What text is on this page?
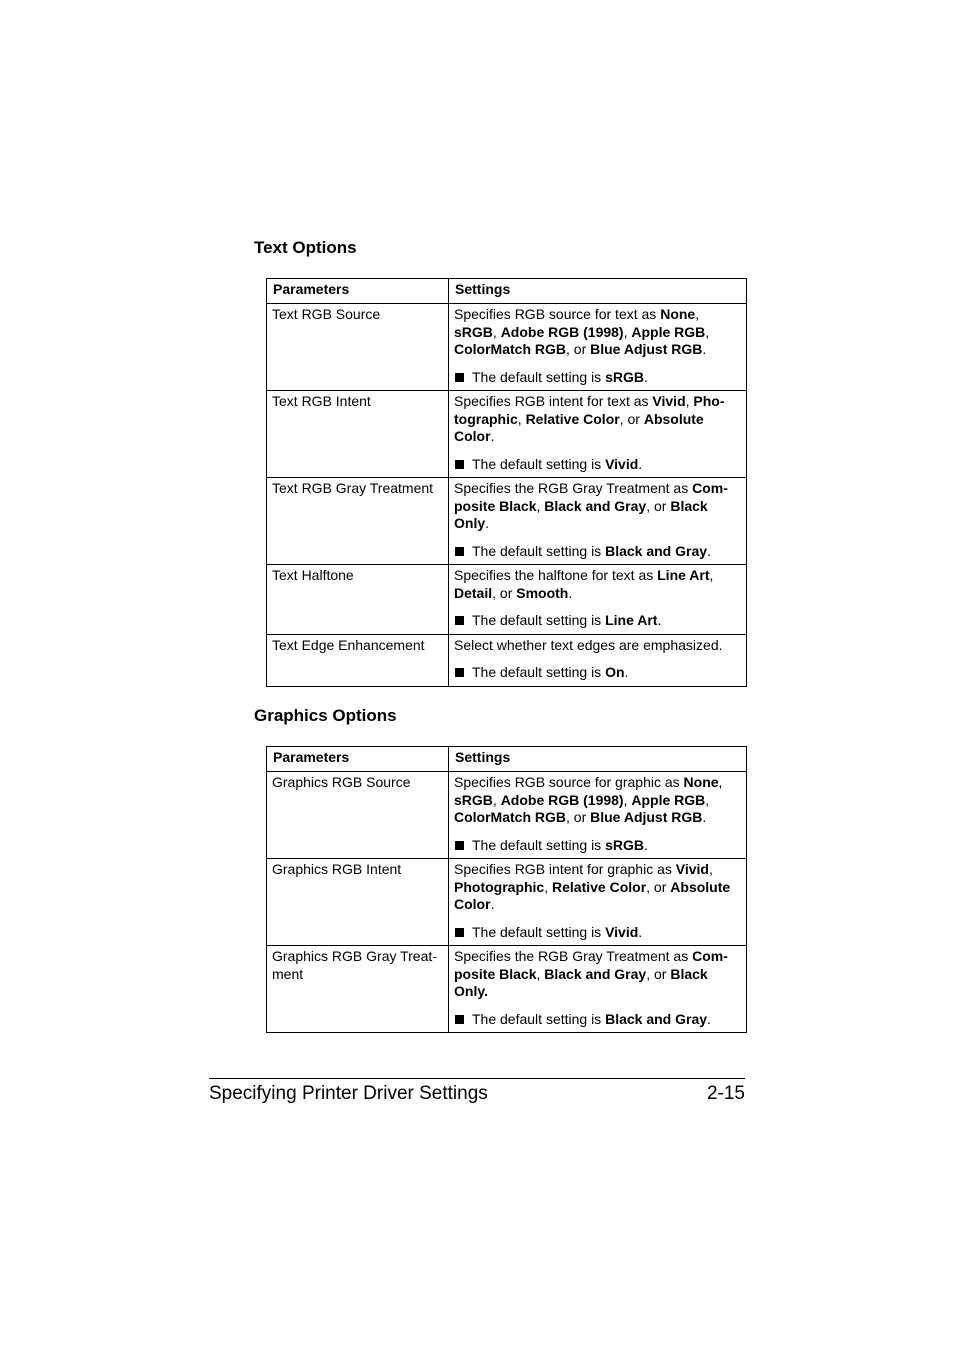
Text Options
Parameters	Settings
Text RGB Source	Specifies RGB source for text as None, sRGB, Adobe RGB (1998), Apple RGB, ColorMatch RGB, or Blue Adjust RGB.

The default setting is sRGB.

Text RGB Intent	Specifies RGB intent for text as Vivid, Pho-tographic, Relative Color, or Absolute Color.

The default setting is Vivid.

Text RGB Gray Treatment	Specifies the RGB Gray Treatment as Com-posite Black, Black and Gray, or Black Only.

The default setting is Black and Gray.

Text Halftone	Specifies the halftone for text as Line Art, Detail, or Smooth.

The default setting is Line Art.

Text Edge Enhancement	Select whether text edges are emphasized.

The default setting is On.

Graphics Options
Parameters	Settings
Graphics RGB Source	Specifies RGB source for graphic as None, sRGB, Adobe RGB (1998), Apple RGB, ColorMatch RGB, or Blue Adjust RGB.

The default setting is sRGB.

Graphics RGB Intent	Specifies RGB intent for graphic as Vivid, Photographic, Relative Color, or Absolute Color.

The default setting is Vivid.

Graphics RGB Gray Treat-ment	Specifies the RGB Gray Treatment as Com-posite Black, Black and Gray, or Black Only.

The default setting is Black and Gray.

Specifying Printer Driver Settings	2-15
